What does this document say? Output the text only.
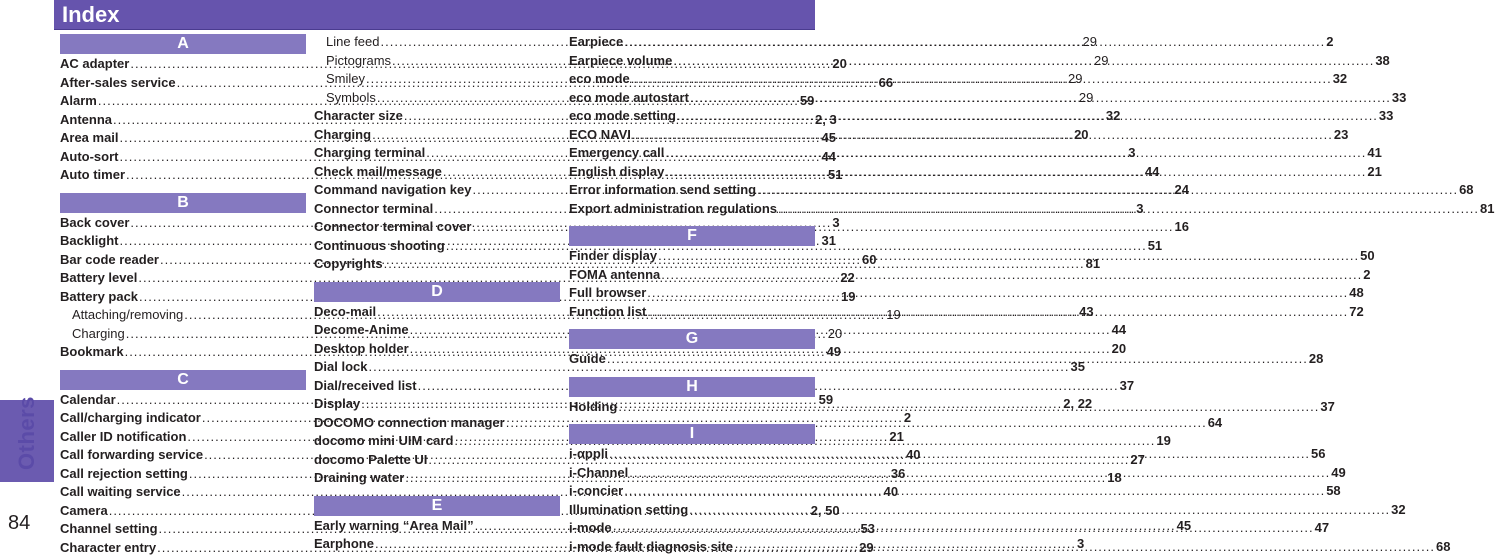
Others
84
Index
A
AC adapter .....	20
After-sales service .....	66
Alarm .....	59
Antenna .....	2, 3
Area mail .....	45
Auto-sort .....	44
Auto timer .....	51
B
Back cover .....	3
Backlight .....	31
Bar code reader .....	60
Battery level .....	22
Battery pack .....	19
Attaching/removing .....	19
Charging .....	20
Bookmark .....	49
C
Calendar .....	59
Call/charging indicator .....	2
Caller ID notification .....	21
Call forwarding service .....	40
Call rejection setting .....	36
Call waiting service .....	40
Camera .....	2, 50
Channel setting .....	53
Character entry .....	29
Line feed .....	29
Pictograms .....	29
Smiley .....	29
Symbols .....	29
Character size .....	32
Charging .....	20
Charging terminal .....	3
Check mail/message .....	44
Command navigation key .....	24
Connector terminal .....	3
Connector terminal cover .....	16
Continuous shooting .....	51
Copyrights .....	81
D
Deco-mail .....	43
Decome-Anime .....	44
Desktop holder .....	20
Dial lock .....	35
Dial/received list .....	37
Display .....	2, 22
DOCOMO connection manager .....	64
docomo mini UIM card .....	19
docomo Palette UI .....	27
Draining water .....	18
E
Early warning “Area Mail” .....	45
Earphone .....	3
Earpiece .....	2
Earpiece volume .....	38
eco mode .....	32
eco mode autostart .....	33
eco mode setting .....	33
ECO NAVI .....	23
Emergency call .....	41
English display .....	21
Error information send setting .....	68
Export administration regulations .....	81
F
Finder display .....	50
FOMA antenna .....	2
Full browser .....	48
Function list .....	72
G
Guide .....	28
H
Holding .....	37
I
i-αppli .....	56
i-Channel .....	49
i-concier .....	58
Illumination setting .....	32
i-mode .....	47
i-mode fault diagnosis site .....	68
